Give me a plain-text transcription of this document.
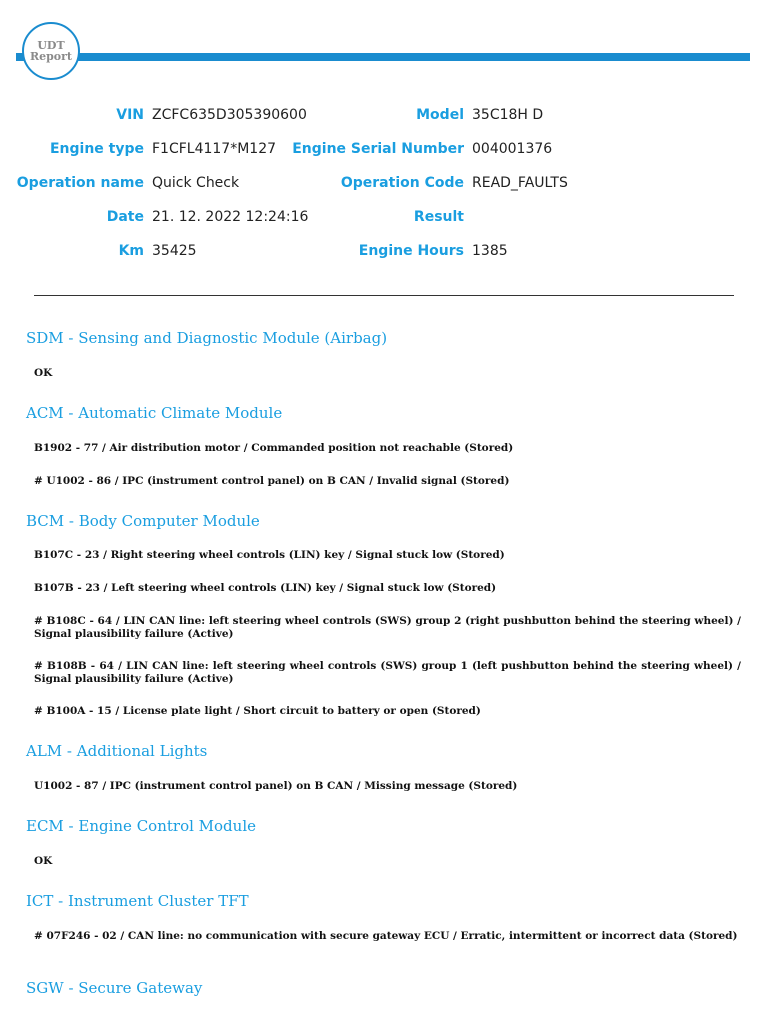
UDT
Report
VIN ZCFC635D305390600	Model 35C18H D
Engine type F1CFL4117*M127 Engine Serial Number 004001376
Operation name Quick Check	Operation Code READ_FAULTS
Date 21. 12. 2022 12:24:16	Result
Km 35425	Engine Hours 1385
SDM - Sensing and Diagnostic Module (Airbag)
OK
ACM - Automatic Climate Module
B1902 - 77 / Air distribution motor / Commanded position not reachable (Stored)
# U1002 - 86 / IPC (instrument control panel) on B CAN / Invalid signal (Stored)
BCM - Body Computer Module
B107C - 23 / Right steering wheel controls (LIN) key / Signal stuck low (Stored)
B107B - 23 / Left steering wheel controls (LIN) key / Signal stuck low (Stored)
# B108C - 64 / LIN CAN line: left steering wheel controls (SWS) group 2 (right pushbutton behind the steering wheel) / Signal plausibility failure (Active)
# B108B - 64 / LIN CAN line: left steering wheel controls (SWS) group 1 (left pushbutton behind the steering wheel) / Signal plausibility failure (Active)
# B100A - 15 / License plate light / Short circuit to battery or open (Stored)
ALM - Additional Lights
U1002 - 87 / IPC (instrument control panel) on B CAN / Missing message (Stored)
ECM - Engine Control Module
OK
ICT - Instrument Cluster TFT
# 07F246 - 02 / CAN line: no communication with secure gateway ECU / Erratic, intermittent or incorrect data (Stored)
SGW - Secure Gateway
